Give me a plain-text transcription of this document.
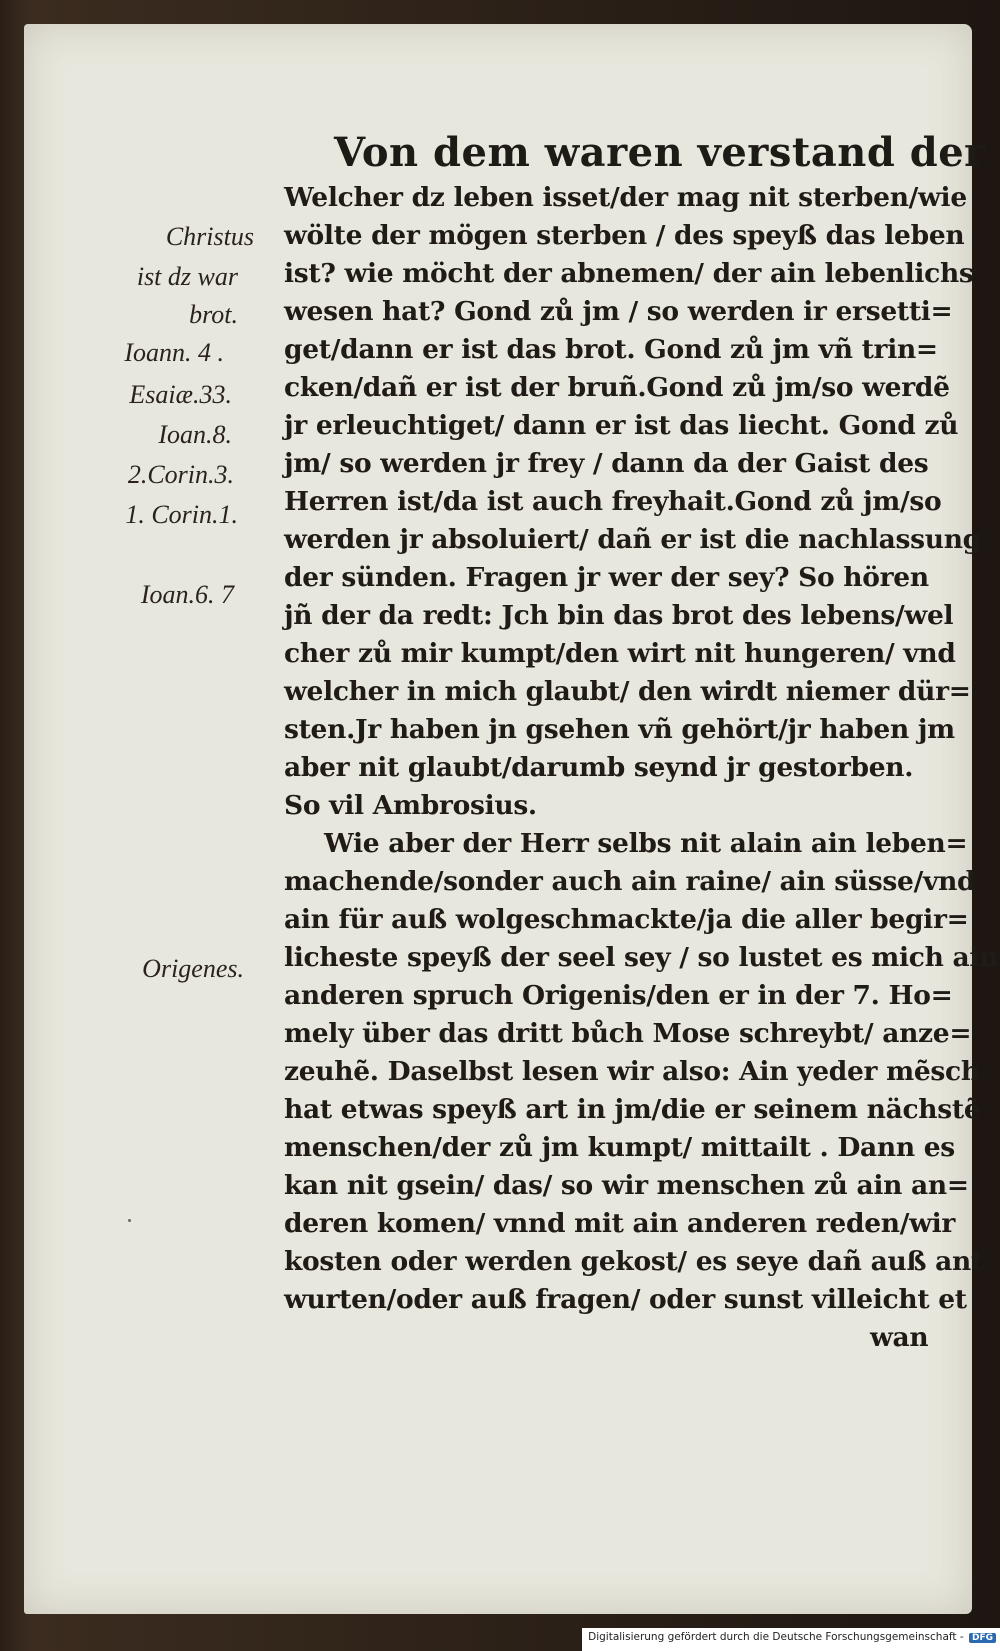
Von dem waren verstand der
Welcher dz leben isset/der mag nit sterben/wie
wölte der mögen sterben / des speyß das leben
ist? wie möcht der abnemen/ der ain lebenlichs
wesen hat? Gond zů jm / so werden ir ersetti=
get/dann er ist das brot. Gond zů jm vñ trin=
cken/dañ er ist der bruñ.Gond zů jm/so werdẽ
jr erleuchtiget/ dann er ist das liecht. Gond zů
jm/ so werden jr frey / dann da der Gaist des
Herren ist/da ist auch freyhait.Gond zů jm/so
werden jr absoluiert/ dañ er ist die nachlassung
der sünden. Fragen jr wer der sey? So hören
jñ der da redt: Jch bin das brot des lebens/wel
cher zů mir kumpt/den wirt nit hungeren/ vnd
welcher in mich glaubt/ den wirdt niemer dür=
sten.Jr haben jn gsehen vñ gehört/jr haben jm
aber nit glaubt/darumb seynd jr gestorben.
So vil Ambrosius.
Wie aber der Herr selbs nit alain ain leben=
machende/sonder auch ain raine/ ain süsse/vnd
ain für auß wolgeschmackte/ja die aller begir=
licheste speyß der seel sey / so lustet es mich ain
anderen spruch Origenis/den er in der 7. Ho=
mely über das dritt bůch Mose schreybt/ anze=
zeuhẽ. Daselbst lesen wir also: Ain yeder mẽsch
hat etwas speyß art in jm/die er seinem nächstẽ
menschen/der zů jm kumpt/ mittailt . Dann es
kan nit gsein/ das/ so wir menschen zů ain an=
deren komen/ vnnd mit ain anderen reden/wir
kosten oder werden gekost/ es seye dañ auß ant
wurten/oder auß fragen/ oder sunst villeicht et
wan
Christus
ist dz war
brot.
Ioann. 4 .
Esaiæ.33.
Ioan.8.
2.Corin.3.
1. Corin.1.
Ioan.6. 7
Origenes.
Digitalisierung gefördert durch die Deutsche Forschungsgemeinschaft - DFG
